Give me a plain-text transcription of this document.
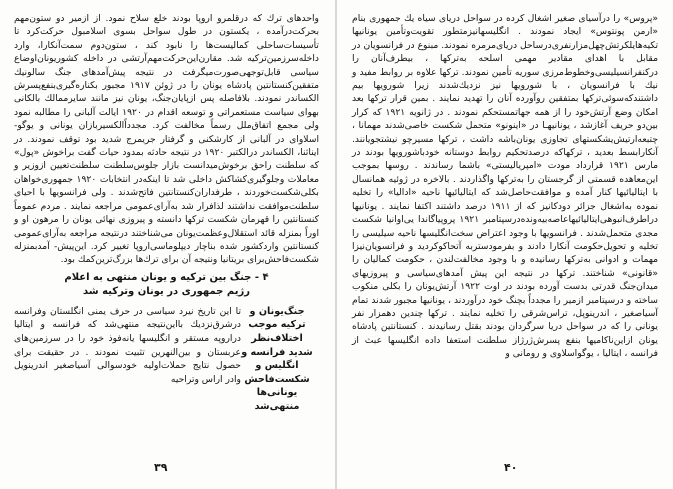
واحدهای ترك كه درقلمرو اروپا بودند خلع سلاح نمود. از ازمیر دو ستون‌مهم بحركت‌درآمده ، یكستون در طول سواحل بسوی اسلامبول حركت‌كرد تا تأسیسات‌ساحلی كمالیست‌ها را نابود كند ، ستون‌دوم سمت‌آنكارا، وارد داخله‌سرزمین‌تركیه شد. مقارن‌این‌حركت‌مهم‌آرتشی در داخله كشوریونان‌اوضاع سیاسی قابل‌توجهی‌صورت‌میگرفت در نتیجه پیش‌آمدهای جنگ سالونیك متفقین‌كنستانتین پادشاه یونان را در ژوئن ۱۹۱۷ مجبور بكناره‌گیری‌بنفع‌پسرش الكساندر نمودند. بلافاصله پس ازپایان‌جنگ، یونان نیز مانند سایرممالك بالكانی بهوای سیاست مستعمراتی و توسعه اقدام در ۱۹۲۰ ایالت آلبانی را مطالبه نمود ولی مجمع اتفاق‌ملل رسماً مخالفت كرد. مجدداًالكسیربازان یونانی و یوگو- اسلاوای در آلبانی از كارشكنی و گرفتار جریمرج شدید بود توقف نمودند. در اینا‌ثنا، الكساندر درالكتبر ۱۹۲۰ در نتیجه حادثه بمدود حیات گفت براخوش ‌«پول» كه سلطنت راحق برخوش‌میدانست ‌بازار جلوس‌سلطنت سلطنت‌تعیین ‌ازوزیر و معاملات ‌وجلوگیری‌كشاكش داخلی شد تا اینكه‌در انتخابات ۱۹۲۰ جمهوری‌خواهان بكلی‌شكست‌خوردند ، طرفداران‌كنستانتین فاتح‌شدند . ولی فرانسویها با احیای سلطنت‌موافقت نداشتند لذافرار شد به‌آرای‌عمومی مراجعه نمایند . مردم عموماً كنستانتین را قهرمان شكست تركها دانسته و پیروزی نهائی یونان را مرهون او و اوراً بمنزله قائد استقلال‌وعظمت‌یونان می‌شناختند درنتیجه مراجعه به‌آرای‌عمومی كنستانتین واردكشور شده بناچار دیپلوماسی‌اروپا تغییر كرد. این‌پیش- آمدبمنزله شكست‌فاحش‌برای بریتانیا ونتیجه آن برای ترك‌ها بزرگ‌ترین‌كمك بود.

۴ - جنگ بین تركیه و یونان منتهی به اعلام

رژیم جمهوری در یونان وتركیه شد

جنگ‌یونان و تركیه موجب اختلاف‌نظر شدید فرانسه و انگلیس و شكست‌فاحش یونانی‌ها منتهی‌شد

تا این تاریخ نیرد سیاسی در حرف یمنی انگلستان وفرانسه درشرق‌نزدیك بااین‌نتیجه منتهی‌شد كه فرانسه و ایتالیا دراروپه مستقر و انگلیسها یانه‌فوذ خود را در سرزمین‌های عربستان و بین‌النهرین تثبیت نمودند . در حقیقت برای حصول نتایج حملات‌اولیه خودسوالی آسیاصغیر اندرینویل وادر اراس وتراحیه

۳۹

«پروس» را درآسیای صغیر اشغال كرده در سواحل دریای سیاه یك جمهوری بنام «ارمن پونتوس» ایجاد نمودند . انگلیسهانیزمتطور تقویت‌وتأمین یونانیها تكیه‌ها‌یلكرتش‌چهل‌مزارنفری‌درساحل دریای‌مرمره نمودند. مبنوع در فرانسویان در مقابل با اهدای مقادیر مهمی اسلحه بەتركها ، بیطرف‌آنان را دركنفرانسیلیسی‌وخطوط‌مرزی سوریه تأمین نمودند. تركها علاوه بر روابط مفید و نیك با فرانسویان ، با شورویها نیز نزدیك‌شدند زیرا شورویها بیم داشتندكه‌سوئی‌تركها بمتفقین روآورده آنان را تهدید نمایند . بمین قرار تركها بعد امكان وضع آرتش‌خود را از همه جهاتمستحكم نمودند . در ژانویه ۱۹۲۱ كه كرار بین‌دو حریف آغازشد ، یونانیهـا در «اینونو» متحمل شكست خاصی‌شدند مهمانا ، چتبعه‌ارتیش‌یشكستهای تجاوزی یونان‌باشه داشت‌ ، تركها مسیرچو نیشتجویانند. آنكارابسط بعدید ، تركهاكه درصدتحكیم روابط دوستانه خودباشورویها بودند در مارس ۱۹۲۱ قرارداد مودت «امپریالیستی» باشما رساندند . روسها بموجب این‌معاهده قسمتی از گرجستان را بەتركها واگذاردند . بالاخره در ژوئیه همانسال با ایتالیائیها كنار آمده و موافقت‌حاصل‌شد كه ایتالیائیها ناحیه «ادالیا» را تخلیه نموده بەاشغال جزائر دودكانیز كه از ۱۹۱۱ درصد داشتند اكتفا نمایند . یونانیها دراطرف‌انبوهی‌ایتالیائیهاعاصه‌بیه‌ونده‌درسپتامبر ۱۹۲۱ پروپیاگاندا یی‌اوانیا شكست مجدی متحمل‌شدند . فرانسویها با وجود اعتراض سخت‌انگلیسها ‌ناحیه سیلیسی را تخلیه و تحویل‌حكومت آنكارا دادند و بفرمودستربه آ‌تحاكوكردید و فرانسویان‌نیزا مهمات و ادوانی بەتركها رسانیده و با وجود مخالفت‌لندن ، حكومت كمالیان را ‌«قانونی» شناختند. تركها در نتیجه این پیش آمدهای‌سیاسی و پیروزیهای میدان‌جنگ قدرتی بدست آورده بودند در اوت ۱۹۲۲ آرتش‌یونان را بكلی منكوب ساخته و درسپتامبر ازمیر را مجدداً بچنگ خود درآوردند ، یونانیها مجبور شدند تمام آسیاصغیر ، اندرینوپل، تراس‌شرقی را تخلیه نمایند . تركها چندین دهمزار نفر یونانی را كه در سواحل دریا سرگردان بودند بقتل رسانیدند . كنستانتین پادشاه یونان ازاین‌نا‌كامیها بنفع پسرش‌ژرژاز سلطنت استعفا داده انگلیسها عبث از فرانسه ، ایتالیا ، یوگواسلاوی و رومانی و

۴۰
